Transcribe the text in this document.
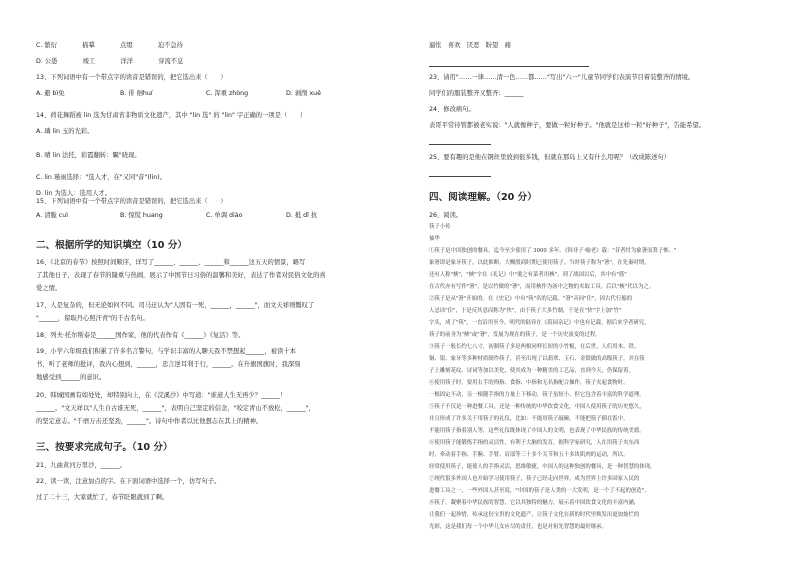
C. 繁衍　　　　描摹　　　　点缀　　　　迫不急待
D. 公愚　　　　竣工　　　　洋洋　　　　穿流不息
13、下列词语中有一个带点字的读音是错误的，把它选出来（　　）
A. 避 bì免	B. 徘 徊huí	C. 浑重 zhòng	D. 剥削 xuē
14、荷花舞蹈被 lin 选为甘肃省非物质文化遗产，其中 "lin 选" 的 "lin" 字正确的一项是（　　）
A. 璘 lin 玉的光彩。
B. 晴 lin 法托，彩霞翻转：瞩"晓现。
C. lin 瑾雨选择："选人才，在"又同"音"(lin)。
D. lin 为选人：选用人才。
15、下列词语中有一个带点字的读音是错误的，把它选出来（　　）
A. 清脆 cuì	B. 惊慌 huang	C. 单调 diào	D. 抵 dǐ 抗
二、根据所学的知识填空（10 分）
16、《北京的春节》按照时间顺序，详写了______、______、______和______这五天的情景，略写
了其他日子，表现了春节的隆重与热闹，展示了中国节日习俗的温馨和美好，表达了作者对民俗文化的喜
爱之情。
17、人是复杂的，但无论如何不同。司马迁认为"人固有一死，______，______"，而文天祥则慨叹了
"______，留取丹心照汗青"的千古名句。
18、列夫·托尔斯泰是______国作家，他的代表作有《______》《复活》等。
19、小学六年级我们积累了许多名言警句，与学识丰富的人聊天我不禁想起______，被读十本
书，听了老师的批评，我内心想到，______，忠言逆耳利于行，______。在升旗国旗时，我深刻
地感受到______的意识。
20、韩城国画有如处处，却特别向上，在《浣溪沙》中写道："谁道人生无再少？______！
______。"文天祥以"人生自古谁无死，______"，表明自己坚定的信念，"咬定青山不放松，______"，
的坚定意志。"千磨万击还坚劲，______"。诗句中作者以比他想志在其上的精神。
三、按要求完成句子。（10 分）
21、九曲黄河万里沙，______。
22、读一读，注意加点的字。在下面词语中选择一个，仿写句子。
过了二十三，大家就忙了，春节眨眼就到了啊。
逼怅　喜欢　厌恶　盼望　痛
23、请用"……一律……清一色……都……"写出"六一"儿童节同学们表演节目着装整齐的情境。
同学们的服装整齐又整齐：______
24、修改病句。
表哥平常待管都被老实说："人就像种子，要做一粒好种子。"他就是这样一粒"好种子"，告能希望。
25、要有趣的是他在钢丝里放到很多钱，但就在那岛上又有什么用呢？（改成陈述句）
四、阅读理解。（20 分）
26、阅读。
筷子小传
袖华
①筷子是中国独创的餐具，迄今至少使用了 3000 多年。《韩非子·喻老》载："昔者纣为象箸而箕子怖。"
象箸即是象牙筷子，以此推断，大概殷商时期已使用筷子。当时筷子称为"箸"，在先秦时期，
还有人称"梜"，"梜"字在《礼记》中"羹之有菜者用梜"。到了战国以后，其中有"筋"
在古代亦有写作"箸"，是以竹做的"箸"，而用梜作为汤中之物的夹取工具，后以"梜"代以为之。
②筷子是从"箸"开始的。在《史记》中有"筷"名的记载。"箸"音同"住"，因古代行船的
人忌讳"住"，于是反其意而称为"快"，由于筷子大多竹制，于是在"快"字上加"竹"
字头，成了"筷"，一直沿用至今，明代的陆容在《菽园杂记》中也有记载。据后来学者研究，
筷子的前身为"梜"或"箸"，发展为现在的筷子，是一个历史演变的过程。
③筷子一般长约七八寸，初制筷子多是两根同样长短的小竹棍，在后世，人们用木、铁、
铜、银、象牙等多种材质制作筷子，甚至出现了以翡翠、玉石、金银做的高级筷子，并在筷
子上雕刻花纹、诗词等加以美化，使其成为一种精美的工艺品，直到今天，仍保留着。
④使用筷子时，要用右手的拇指、食指、中指和无名指配合操作，筷子夹起食物时，
一根固定不动，另一根随手指的力量上下移动，筷子虽短小，但它包含着丰富的科学道理。
⑤筷子不仅是一种进餐工具，还是一种传统的中华饮食文化，中国人使用筷子的历史悠久，
并且形成了许多关于用筷子的礼仪，比如：不能用筷子敲碗，不能把筷子插在饭中，
不能用筷子指着别人等，这些礼仪既体现了中国人的文明，也表现了中华民族的传统美德。
⑥使用筷子能锻炼手指的灵活性，有利于大脑的发育，据科学家研究，人在用筷子夹东西
时，牵动着手指、手腕、手臂、肩部等三十多个关节和五十多块肌肉的运动，所以，
经常使用筷子，能使人的手指灵活，思维敏捷，中国人的这种独创的餐具，是一种智慧的体现。
⑦现代很多外国人也开始学习使用筷子，筷子已经走向世界，成为世界上许多国家人民的
进餐工具之一，一些外国人甚至说，"中国的筷子是人类的一大发明，是一个了不起的创造"。
⑧筷子，凝聚着中华民族的智慧，它以其独特的魅力，展示着中国饮食文化的丰富内涵，
让我们一起珍惜、传承这份宝贵的文化遗产，让筷子文化在新的时代里焕发出更加灿烂的
光彩，这是我们每一个中华儿女应尽的责任，也是对祖先智慧的最好继承。
